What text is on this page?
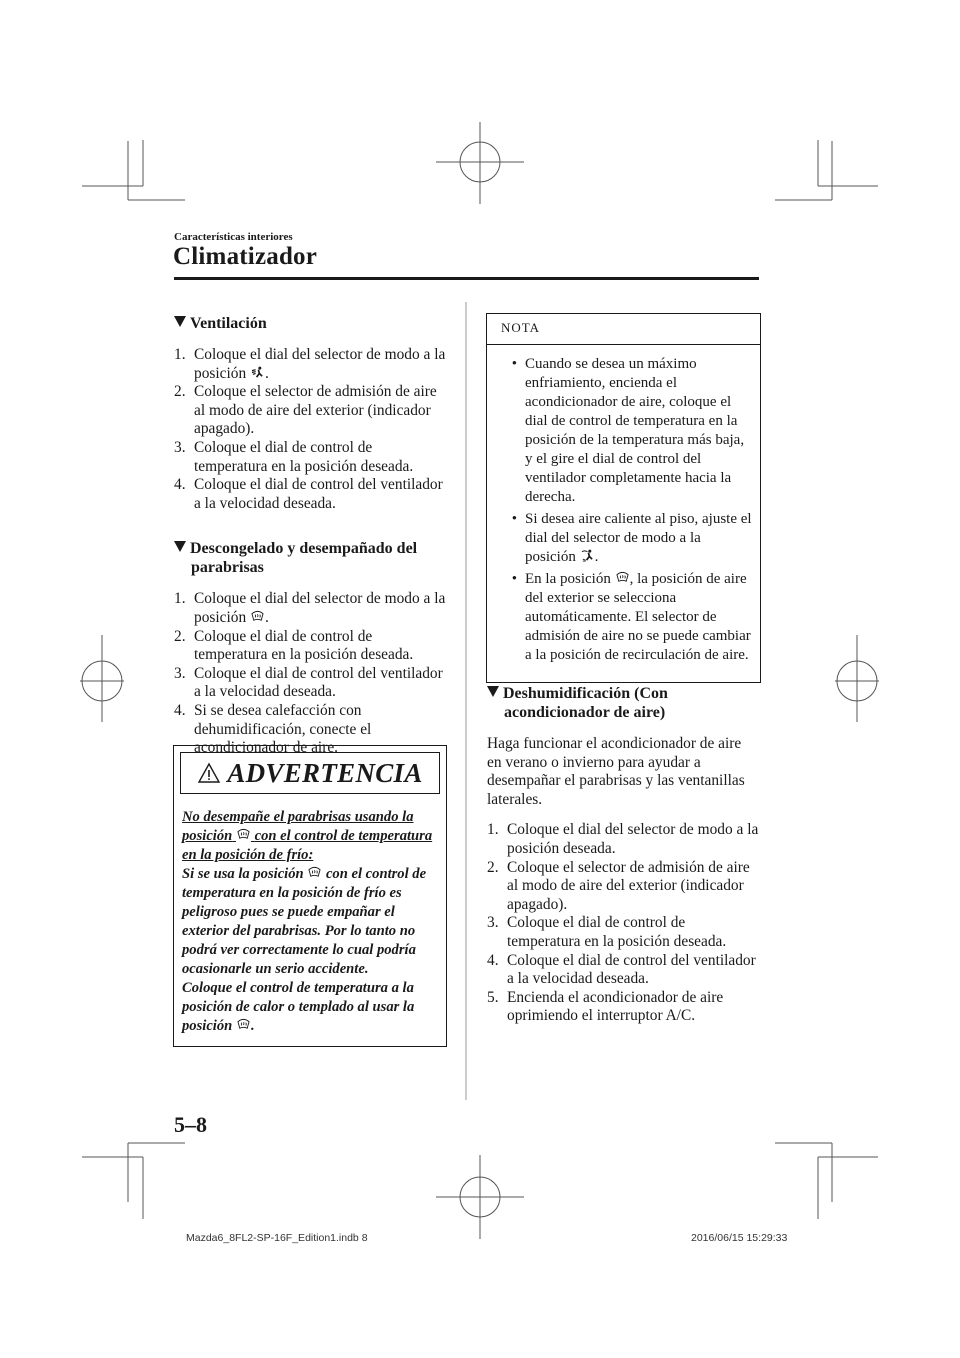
Características interiores
Climatizador
Ventilación
1. Coloque el dial del selector de modo a la posición .
2. Coloque el selector de admisión de aire al modo de aire del exterior (indicador apagado).
3. Coloque el dial de control de temperatura en la posición deseada.
4. Coloque el dial de control del ventilador a la velocidad deseada.
Descongelado y desempañado del parabrisas
1. Coloque el dial del selector de modo a la posición .
2. Coloque el dial de control de temperatura en la posición deseada.
3. Coloque el dial de control del ventilador a la velocidad deseada.
4. Si se desea calefacción con dehumidificación, conecte el acondicionador de aire.
ADVERTENCIA
No desempañe el parabrisas usando la posición con el control de temperatura en la posición de frío:
Si se usa la posición con el control de temperatura en la posición de frío es peligroso pues se puede empañar el exterior del parabrisas. Por lo tanto no podrá ver correctamente lo cual podría ocasionarle un serio accidente.
Coloque el control de temperatura a la posición de calor o templado al usar la posición .
NOTA
• Cuando se desea un máximo enfriamiento, encienda el acondicionador de aire, coloque el dial de control de temperatura en la posición de la temperatura más baja, y el gire el dial de control del ventilador completamente hacia la derecha.
• Si desea aire caliente al piso, ajuste el dial del selector de modo a la posición .
• En la posición , la posición de aire del exterior se selecciona automáticamente. El selector de admisión de aire no se puede cambiar a la posición de recirculación de aire.
Deshumidificación (Con acondicionador de aire)

Haga funcionar el acondicionador de aire en verano o invierno para ayudar a desempañar el parabrisas y las ventanillas laterales.

1. Coloque el dial del selector de modo a la posición deseada.
2. Coloque el selector de admisión de aire al modo de aire del exterior (indicador apagado).
3. Coloque el dial de control de temperatura en la posición deseada.
4. Coloque el dial de control del ventilador a la velocidad deseada.
5. Encienda el acondicionador de aire oprimiendo el interruptor A/C.
5–8
Mazda6_8FL2-SP-16F_Edition1.indb 8	2016/06/15 15:29:33
